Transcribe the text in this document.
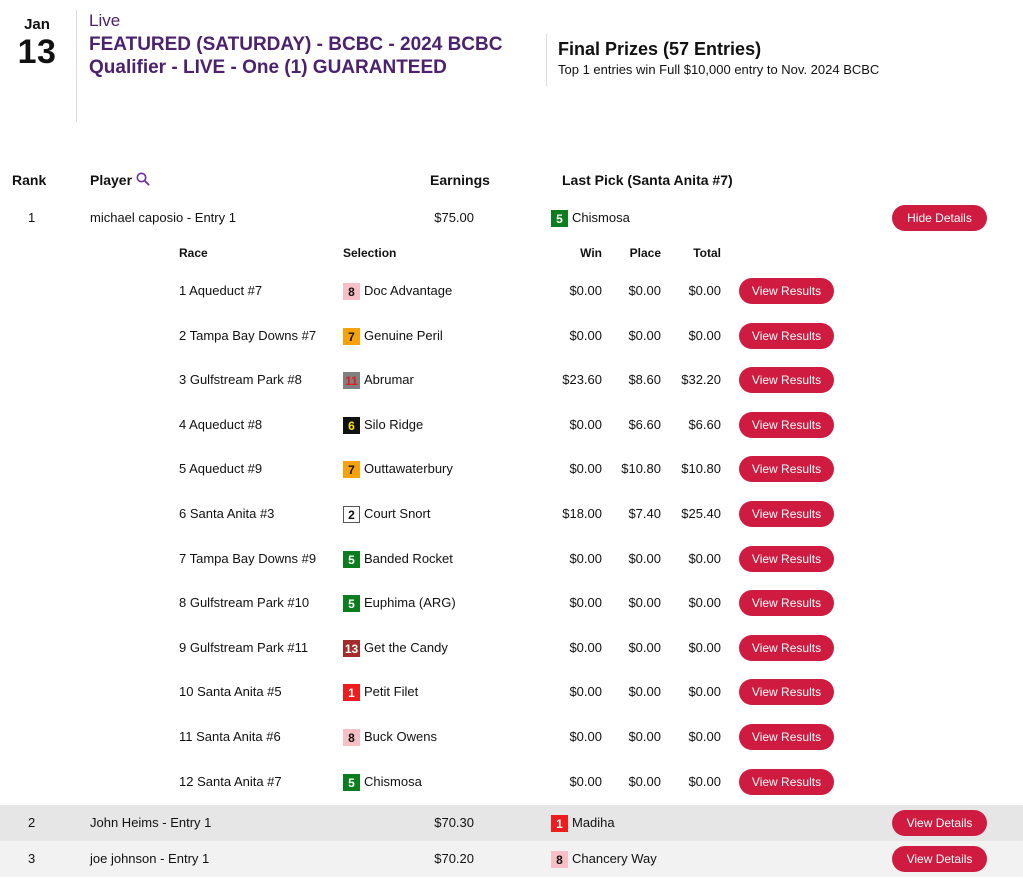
Jan
13
Live
FEATURED (SATURDAY) - BCBC - 2024 BCBC Qualifier - LIVE - One (1) GUARANTEED
Final Prizes (57 Entries)
Top 1 entries win Full $10,000 entry to Nov. 2024 BCBC
Rank	Player	Earnings	Last Pick (Santa Anita #7)
1	michael caposio - Entry 1	$75.00	5 Chismosa	Hide Details
2	John Heims - Entry 1	$70.30	1 Madiha	View Details
3	joe johnson - Entry 1	$70.20	8 Chancery Way	View Details
Race	Selection	Win	Place	Total
1 Aqueduct #7	8 Doc Advantage	$0.00	$0.00	$0.00	View Results
2 Tampa Bay Downs #7	7 Genuine Peril	$0.00	$0.00	$0.00	View Results
3 Gulfstream Park #8	11 Abrumar	$23.60	$8.60	$32.20	View Results
4 Aqueduct #8	6 Silo Ridge	$0.00	$6.60	$6.60	View Results
5 Aqueduct #9	7 Outtawaterbury	$0.00	$10.80	$10.80	View Results
6 Santa Anita #3	2 Court Snort	$18.00	$7.40	$25.40	View Results
7 Tampa Bay Downs #9	5 Banded Rocket	$0.00	$0.00	$0.00	View Results
8 Gulfstream Park #10	5 Euphima (ARG)	$0.00	$0.00	$0.00	View Results
9 Gulfstream Park #11	13 Get the Candy	$0.00	$0.00	$0.00	View Results
10 Santa Anita #5	1 Petit Filet	$0.00	$0.00	$0.00	View Results
11 Santa Anita #6	8 Buck Owens	$0.00	$0.00	$0.00	View Results
12 Santa Anita #7	5 Chismosa	$0.00	$0.00	$0.00	View Results
